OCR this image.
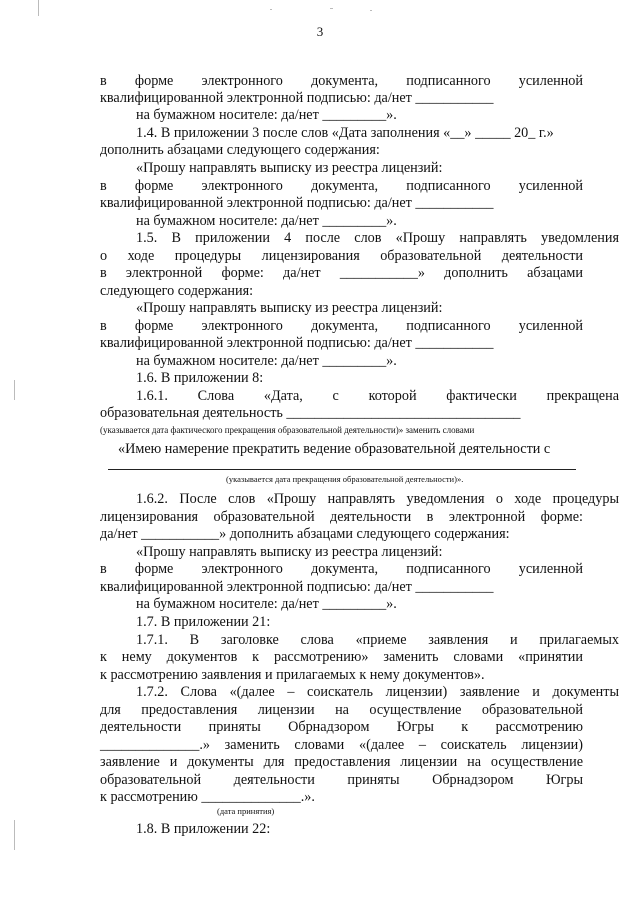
3
в форме электронного документа, подписанного усиленной
квалифицированной электронной подписью: да/нет ___________
на бумажном носителе: да/нет _________».
1.4. В приложении 3 после слов «Дата заполнения «__» _____ 20_ г.»
дополнить абзацами следующего содержания:
«Прошу направлять выписку из реестра лицензий:
в форме электронного документа, подписанного усиленной
квалифицированной электронной подписью: да/нет ___________
на бумажном носителе: да/нет _________».
1.5. В приложении 4 после слов «Прошу направлять уведомления
о ходе процедуры лицензирования образовательной деятельности
в электронной форме: да/нет ___________» дополнить абзацами
следующего содержания:
«Прошу направлять выписку из реестра лицензий:
в форме электронного документа, подписанного усиленной
квалифицированной электронной подписью: да/нет ___________
на бумажном носителе: да/нет _________».
1.6. В приложении 8:
1.6.1. Слова «Дата, с которой фактически прекращена
образовательная деятельность _________________________________
(указывается дата фактического прекращения образовательной деятельности)» заменить словами
«Имею намерение прекратить ведение образовательной деятельности с
(указывается дата прекращения образовательной деятельности)».
1.6.2. После слов «Прошу направлять уведомления о ходе процедуры
лицензирования образовательной деятельности в электронной форме:
да/нет ___________» дополнить абзацами следующего содержания:
«Прошу направлять выписку из реестра лицензий:
в форме электронного документа, подписанного усиленной
квалифицированной электронной подписью: да/нет ___________
на бумажном носителе: да/нет _________».
1.7. В приложении 21:
1.7.1. В заголовке слова «приеме заявления и прилагаемых
к нему документов к рассмотрению» заменить словами «принятии
к рассмотрению заявления и прилагаемых к нему документов».
1.7.2. Слова «(далее – соискатель лицензии) заявление и документы
для предоставления лицензии на осуществление образовательной
деятельности приняты Обрнадзором Югры к рассмотрению
______________.» заменить словами «(далее – соискатель лицензии)
заявление и документы для предоставления лицензии на осуществление
образовательной деятельности приняты Обрнадзором Югры
к рассмотрению ______________.».
(дата принятия)
1.8. В приложении 22:
